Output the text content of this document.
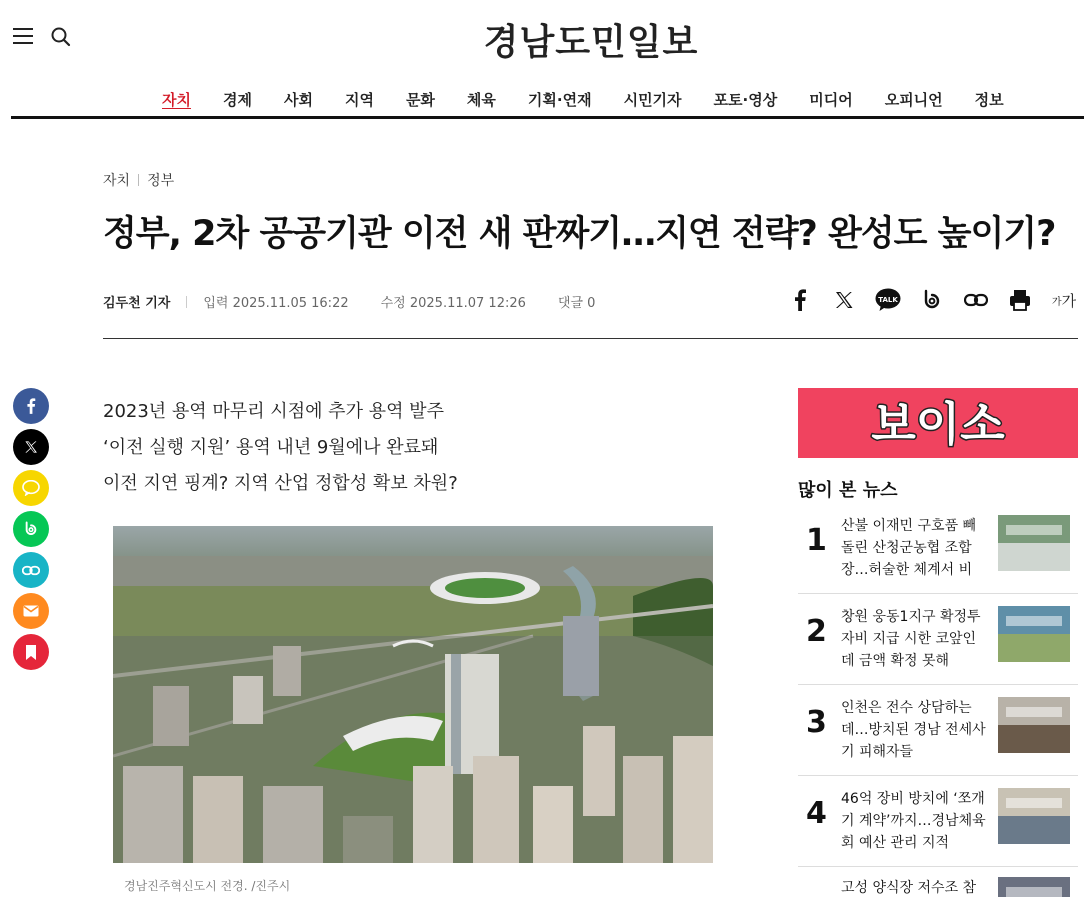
경남도민일보
자치	경제	사회	지역	문화	체육	기획·연재	시민기자	포토·영상	미디어	오피니언	정보
자치 정부
정부, 2차 공공기관 이전 새 판짜기…지연 전략? 완성도 높이기?
김두천 기자	입력 2025.11.05 16:22 수정 2025.11.07 12:26 댓글 0	TALK	가 가

2023년 용역 마무리 시점에 추가 용역 발주

‘이전 실행 지원’ 용역 내년 9월에나 완료돼

이전 지연 핑계? 지역 산업 정합성 확보 차원?

경남진주혁신도시 전경. /진주시
보이소
많이 본 뉴스
1 산불 이재민 구호품 빼돌린 산청군농협 조합장…허술한 체계서 비
2 창원 웅동1지구 확정투자비 지급 시한 코앞인데 금액 확정 못해
3 인천은 전수 상담하는데…방치된 경남 전세사기 피해자들
4 46억 장비 방치에 ‘쪼개기 계약’까지…경남체육회 예산 관리 지적
고성 양식장 저수조 참
